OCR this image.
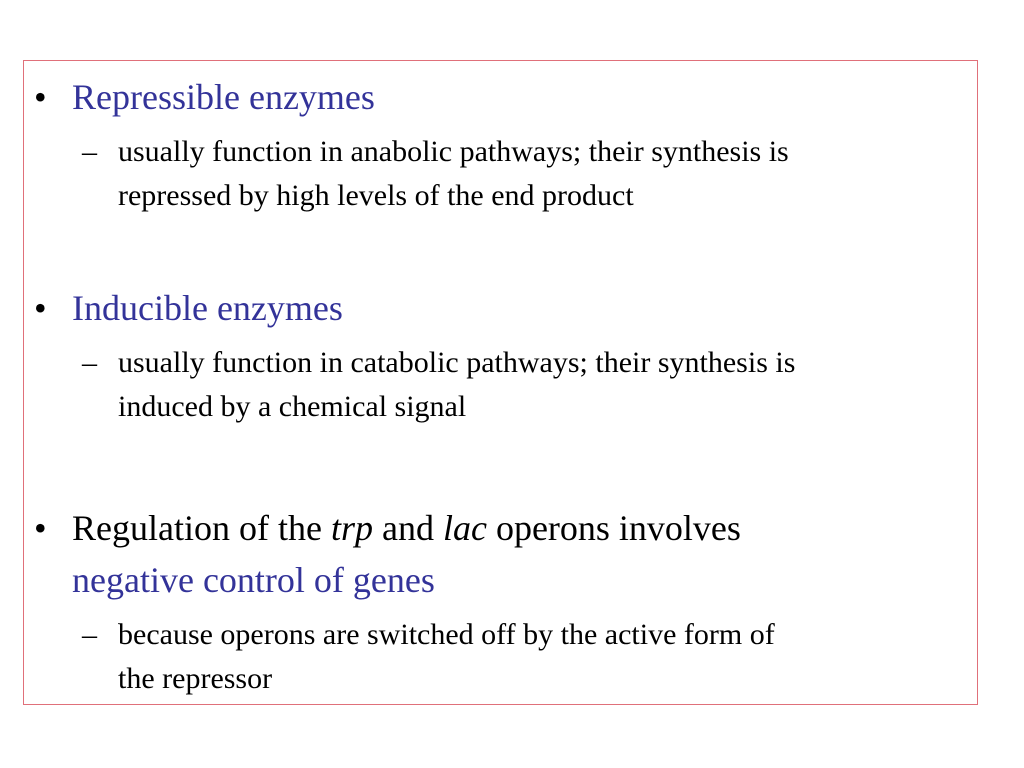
• Repressible enzymes
– usually function in anabolic pathways; their synthesis is
repressed by high levels of the end product
• Inducible enzymes
– usually function in catabolic pathways; their synthesis is
induced by a chemical signal
• Regulation of the trp and lac operons involves
negative control of genes
– because operons are switched off by the active form of
the repressor
